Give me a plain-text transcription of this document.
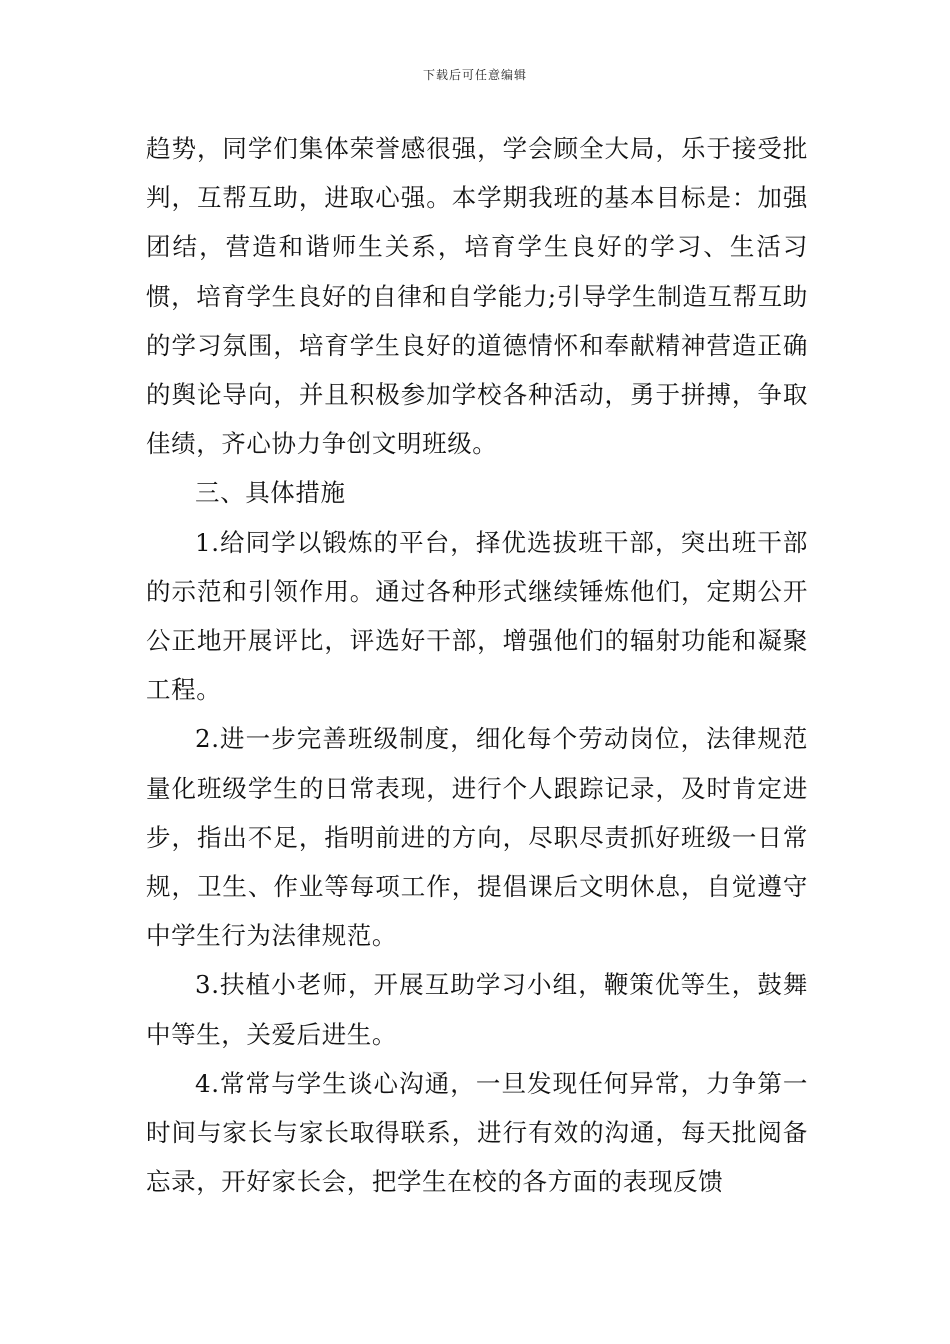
下载后可任意编辑

趋势，同学们集体荣誉感很强，学会顾全大局，乐于接受批判，互帮互助，进取心强。本学期我班的基本目标是：加强团结，营造和谐师生关系，培育学生良好的学习、生活习惯，培育学生良好的自律和自学能力;引导学生制造互帮互助的学习氛围，培育学生良好的道德情怀和奉献精神营造正确的舆论导向，并且积极参加学校各种活动，勇于拼搏，争取佳绩，齐心协力争创文明班级。

三、具体措施

1.给同学以锻炼的平台，择优选拔班干部，突出班干部的示范和引领作用。通过各种形式继续锤炼他们，定期公开公正地开展评比，评选好干部，增强他们的辐射功能和凝聚工程。

2.进一步完善班级制度，细化每个劳动岗位，法律规范量化班级学生的日常表现，进行个人跟踪记录，及时肯定进步，指出不足，指明前进的方向，尽职尽责抓好班级一日常规，卫生、作业等每项工作，提倡课后文明休息，自觉遵守中学生行为法律规范。

3.扶植小老师，开展互助学习小组，鞭策优等生，鼓舞中等生，关爱后进生。

4.常常与学生谈心沟通，一旦发现任何异常，力争第一时间与家长与家长取得联系，进行有效的沟通，每天批阅备忘录，开好家长会，把学生在校的各方面的表现反馈
